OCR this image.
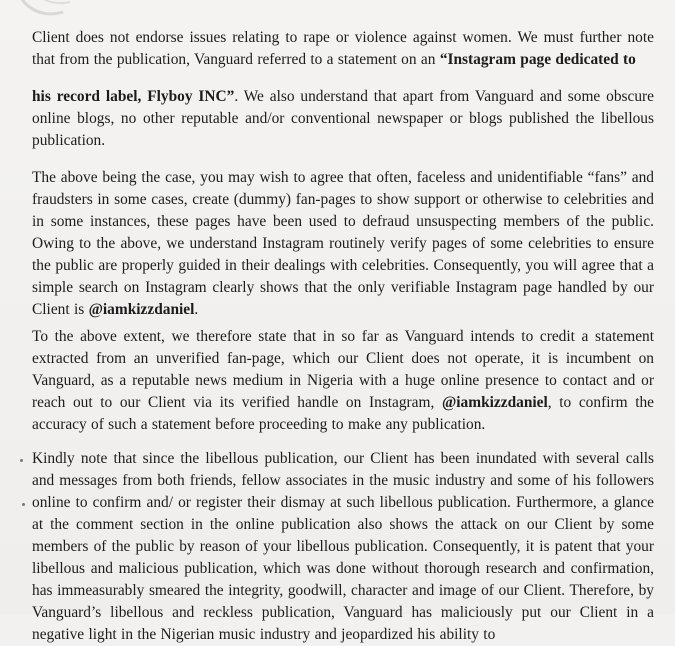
Client does not endorse issues relating to rape or violence against women. We must further note that from the publication, Vanguard referred to a statement on an “Instagram page dedicated to

his record label, Flyboy INC”. We also understand that apart from Vanguard and some obscure online blogs, no other reputable and/or conventional newspaper or blogs published the libellous publication.

The above being the case, you may wish to agree that often, faceless and unidentifiable “fans” and fraudsters in some cases, create (dummy) fan-pages to show support or otherwise to celebrities and in some instances, these pages have been used to defraud unsuspecting members of the public. Owing to the above, we understand Instagram routinely verify pages of some celebrities to ensure the public are properly guided in their dealings with celebrities. Consequently, you will agree that a simple search on Instagram clearly shows that the only verifiable Instagram page handled by our Client is @iamkizzdaniel.

To the above extent, we therefore state that in so far as Vanguard intends to credit a statement extracted from an unverified fan-page, which our Client does not operate, it is incumbent on Vanguard, as a reputable news medium in Nigeria with a huge online presence to contact and or reach out to our Client via its verified handle on Instagram, @iamkizzdaniel, to confirm the accuracy of such a statement before proceeding to make any publication.

Kindly note that since the libellous publication, our Client has been inundated with several calls and messages from both friends, fellow associates in the music industry and some of his followers online to confirm and/ or register their dismay at such libellous publication. Furthermore, a glance at the comment section in the online publication also shows the attack on our Client by some members of the public by reason of your libellous publication. Consequently, it is patent that your libellous and malicious publication, which was done without thorough research and confirmation, has immeasurably smeared the integrity, goodwill, character and image of our Client. Therefore, by Vanguard’s libellous and reckless publication, Vanguard has maliciously put our Client in a negative light in the Nigerian music industry and jeopardized his ability to
